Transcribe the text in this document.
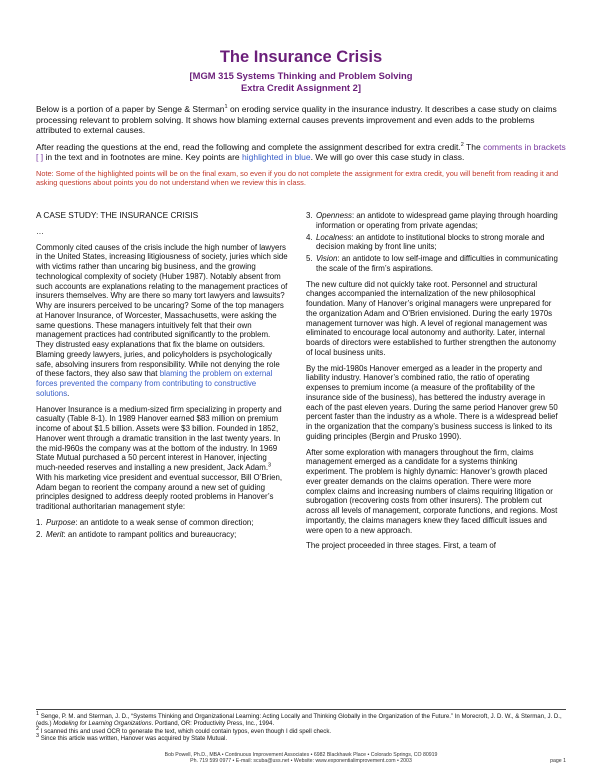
The Insurance Crisis
[MGM 315 Systems Thinking and Problem Solving
Extra Credit Assignment 2]

Below is a portion of a paper by Senge & Sterman$^1$ on eroding service quality in the insurance industry. It describes a case study on claims processing relevant to problem solving. It shows how blaming external causes prevents improvement and even adds to the problems attributed to external causes.

After reading the questions at the end, read the following and complete the assignment described for extra credit.$^2$ The comments in brackets [ ] in the text and in footnotes are mine. Key points are highlighted in blue. We will go over this case study in class.

Note: Some of the highlighted points will be on the final exam, so even if you do not complete the assignment for extra credit, you will benefit from reading it and asking questions about points you do not understand when we review this in class.

A CASE STUDY: THE INSURANCE CRISIS

…

Commonly cited causes of the crisis include the high number of lawyers in the United States, increasing litigiousness of society, juries which side with victims rather than uncaring big business, and the growing technological complexity of society (Huber 1987). Notably absent from such accounts are explanations relating to the management practices of insurers themselves. Why are there so many tort lawyers and lawsuits? Why are insurers perceived to be uncaring? Some of the top managers at Hanover Insurance, of Worcester, Massachusetts, were asking the same questions. These managers intuitively felt that their own management practices had contributed significantly to the problem. They distrusted easy explanations that fix the blame on outsiders. Blaming greedy lawyers, juries, and policyholders is psychologically safe, absolving insurers from responsibility. While not denying the role of these factors, they also saw that blaming the problem on external forces prevented the company from contributing to constructive solutions.

Hanover Insurance is a medium-sized firm specializing in property and casualty (Table 8-1). In 1989 Hanover earned $83 million on premium income of about $1.5 billion. Assets were $3 billion. Founded in 1852, Hanover went through a dramatic transition in the last twenty years. In the mid-l960s the company was at the bottom of the industry. In 1969 State Mutual purchased a 50 percent interest in Hanover, injecting much-needed reserves and installing a new president, Jack Adam.$^3$ With his marketing vice president and eventual successor, Bill O’Brien, Adam began to reorient the company around a new set of guiding principles designed to address deeply rooted problems in Hanover’s traditional authoritarian management style:

1. Purpose: an antidote to a weak sense of common direction;
2. Merit: an antidote to rampant politics and bureaucracy;
3. Openness: an antidote to widespread game playing through hoarding information or operating from private agendas;
4. Localness: an antidote to institutional blocks to strong morale and decision making by front line units;
5. Vision: an antidote to low self-image and difficulties in communicating the scale of the firm’s aspirations.

The new culture did not quickly take root. Personnel and structural changes accompanied the internalization of the new philosophical foundation. Many of Hanover’s original managers were unprepared for the organization Adam and O’Brien envisioned. During the early 1970s management turnover was high. A level of regional management was eliminated to encourage local autonomy and authority. Later, internal boards of directors were established to further strengthen the autonomy of local business units.

By the mid-1980s Hanover emerged as a leader in the property and liability industry. Hanover’s combined ratio, the ratio of operating expenses to premium income (a measure of the profitability of the insurance side of the business), has bettered the industry average in each of the past eleven years. During the same period Hanover grew 50 percent faster than the industry as a whole. There is a widespread belief in the organization that the company’s business success is linked to its guiding principles (Bergin and Prusko 1990).

After some exploration with managers throughout the firm, claims management emerged as a candidate for a systems thinking experiment. The problem is highly dynamic: Hanover’s growth placed ever greater demands on the claims operation. There were more complex claims and increasing numbers of claims requiring litigation or subrogation (recovering costs from other insurers). The problem cut across all levels of management, corporate functions, and regions. Most importantly, the claims managers knew they faced difficult issues and were open to a new approach.

The project proceeded in three stages. First, a team of

$^1$ Senge, P. M. and Sterman, J. D., “Systems Thinking and Organizational Learning: Acting Locally and Thinking Globally in the Organization of the Future.” In Morecroft, J. D. W., & Sterman, J. D., (eds.) Modeling for Learning Organizations. Portland, OR: Productivity Press, Inc., 1994.

$^2$ I scanned this and used OCR to generate the text, which could contain typos, even though I did spell check.

$^3$ Since this article was written, Hanover was acquired by State Mutual.

Bob Powell, Ph.D., MBA • Continuous Improvement Associates • 6982 Blackhawk Place • Colorado Springs, CO 80919
Ph. 719 599 0977 • E-mail: scuba@uss.net • Website: www.exponentialimprovement.com • 2003	page 1
